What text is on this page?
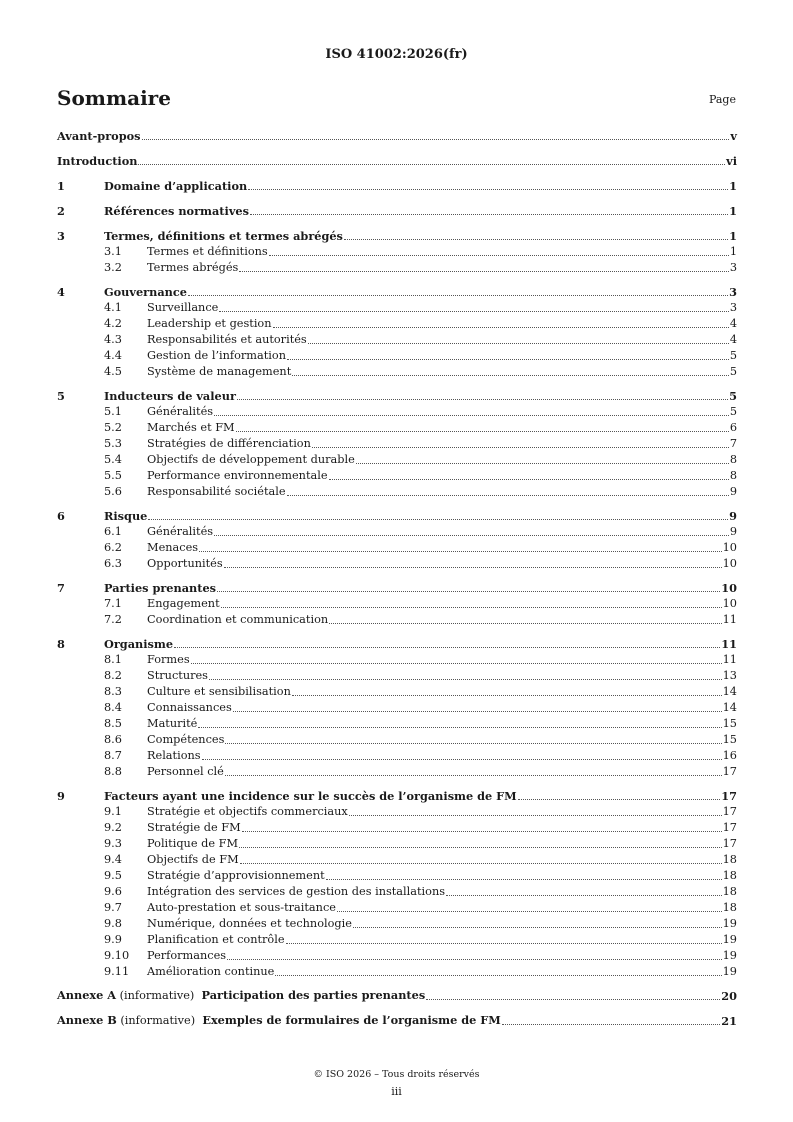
ISO 41002:2026(fr)
Sommaire	Page
Avant-propos	v
Introduction	vi
1	Domaine d’application	1
2	Références normatives	1
3	Termes, définitions et termes abrégés	1
3.1	Termes et définitions	1
3.2	Termes abrégés	3
4	Gouvernance	3
4.1	Surveillance	3
4.2	Leadership et gestion	4
4.3	Responsabilités et autorités	4
4.4	Gestion de l’information	5
4.5	Système de management	5
5	Inducteurs de valeur	5
5.1	Généralités	5
5.2	Marchés et FM	6
5.3	Stratégies de différenciation	7
5.4	Objectifs de développement durable	8
5.5	Performance environnementale	8
5.6	Responsabilité sociétale	9
6	Risque	9
6.1	Généralités	9
6.2	Menaces	10
6.3	Opportunités	10
7	Parties prenantes	10
7.1	Engagement	10
7.2	Coordination et communication	11
8	Organisme	11
8.1	Formes	11
8.2	Structures	13
8.3	Culture et sensibilisation	14
8.4	Connaissances	14
8.5	Maturité	15
8.6	Compétences	15
8.7	Relations	16
8.8	Personnel clé	17
9	Facteurs ayant une incidence sur le succès de l’organisme de FM	17
9.1	Stratégie et objectifs commerciaux	17
9.2	Stratégie de FM	17
9.3	Politique de FM	17
9.4	Objectifs de FM	18
9.5	Stratégie d’approvisionnement	18
9.6	Intégration des services de gestion des installations	18
9.7	Auto-prestation et sous-traitance	18
9.8	Numérique, données et technologie	19
9.9	Planification et contrôle	19
9.10	Performances	19
9.11	Amélioration continue	19
Annexe A (informative)  Participation des parties prenantes	20
Annexe B (informative)  Exemples de formulaires de l’organisme de FM	21
© ISO 2026 – Tous droits réservés
iii
